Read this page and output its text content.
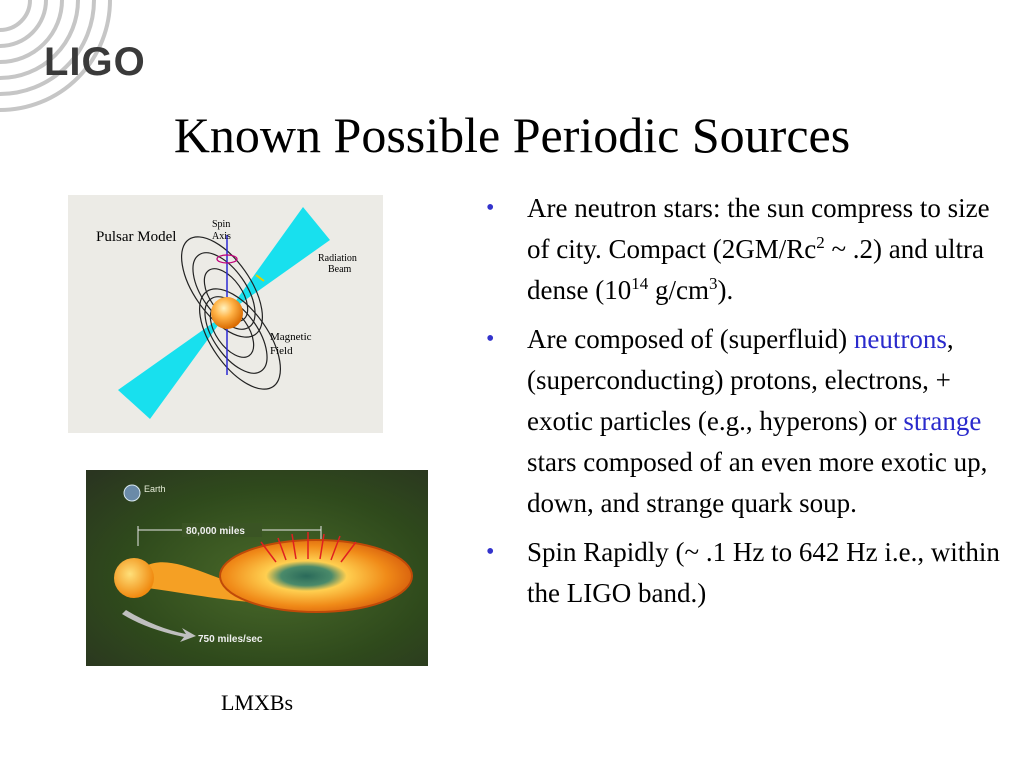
LIGO
Known Possible Periodic Sources
Pulsar Model
Spin
Axis
Radiation
Beam
Magnetic
Field
Earth
80,000 miles
750 miles/sec
LMXBs
• Are neutron stars: the sun compress to size of city. Compact (2GM/Rc$^2$ ~ .2) and ultra dense ($10^{14}$ $g/cm^3$).
• Are composed of (superfluid) neutrons, (superconducting) protons, electrons, + exotic particles (e.g., hyperons) or strange stars composed of an even more exotic up, down, and strange quark soup.
• Spin Rapidly (~ .1 Hz to 642 Hz i.e., within the LIGO band.)
